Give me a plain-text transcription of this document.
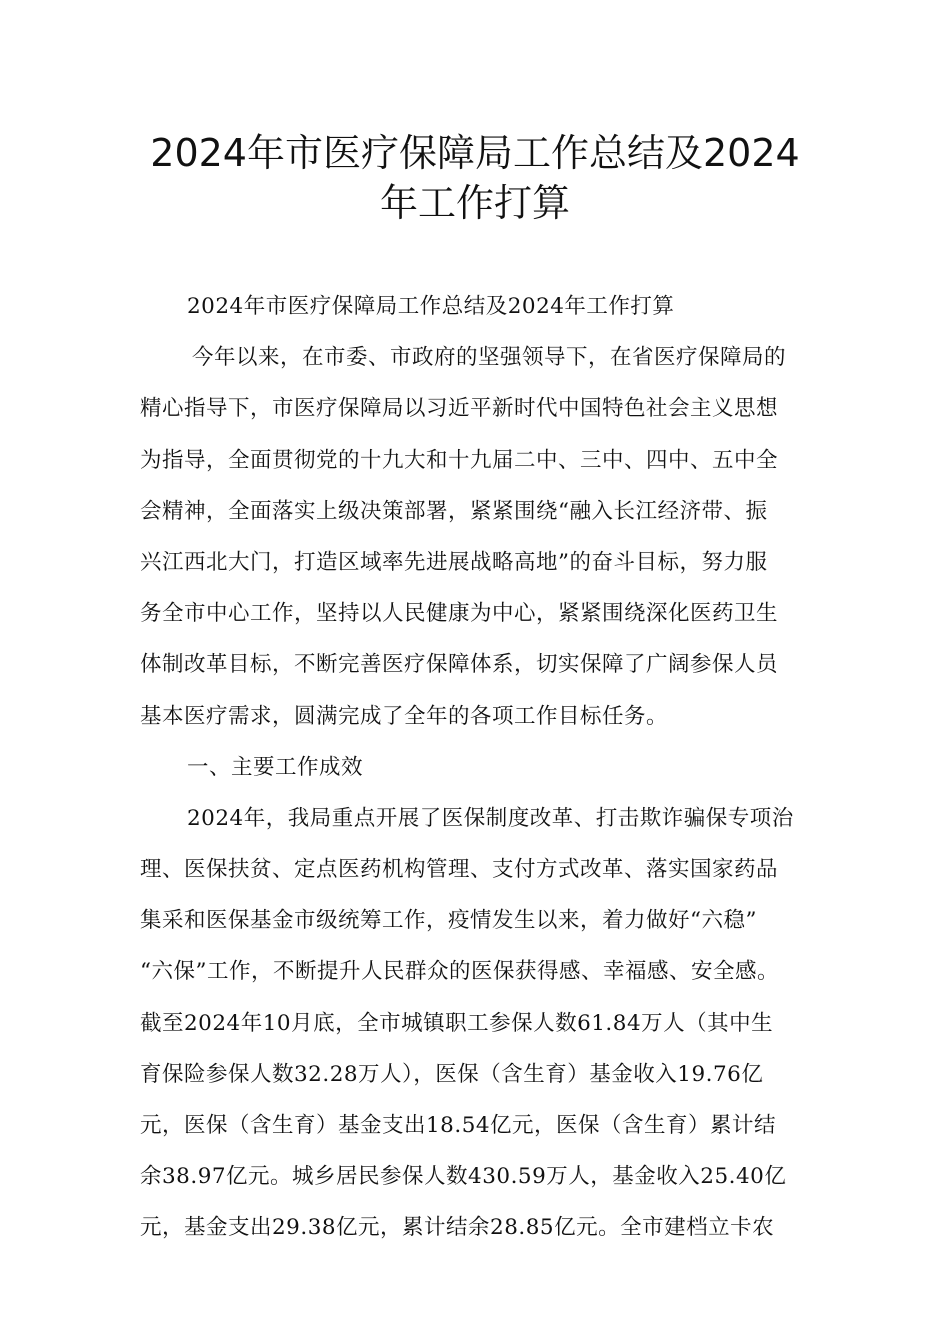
2024年市医疗保障局工作总结及2024
年工作打算
2024年市医疗保障局工作总结及2024年工作打算
今年以来，在市委、市政府的坚强领导下，在省医疗保障局的
精心指导下，市医疗保障局以习近平新时代中国特色社会主义思想
为指导，全面贯彻党的十九大和十九届二中、三中、四中、五中全
会精神，全面落实上级决策部署，紧紧围绕“融入长江经济带、振
兴江西北大门，打造区域率先进展战略高地”的奋斗目标，努力服
务全市中心工作，坚持以人民健康为中心，紧紧围绕深化医药卫生
体制改革目标，不断完善医疗保障体系，切实保障了广阔参保人员
基本医疗需求，圆满完成了全年的各项工作目标任务。
一、主要工作成效
2024年，我局重点开展了医保制度改革、打击欺诈骗保专项治
理、医保扶贫、定点医药机构管理、支付方式改革、落实国家药品
集采和医保基金市级统筹工作，疫情发生以来，着力做好“六稳”
“六保”工作，不断提升人民群众的医保获得感、幸福感、安全感。
截至2024年10月底，全市城镇职工参保人数61.84万人（其中生
育保险参保人数32.28万人），医保（含生育）基金收入19.76亿
元，医保（含生育）基金支出18.54亿元，医保（含生育）累计结
余38.97亿元。城乡居民参保人数430.59万人，基金收入25.40亿
元，基金支出29.38亿元，累计结余28.85亿元。全市建档立卡农
